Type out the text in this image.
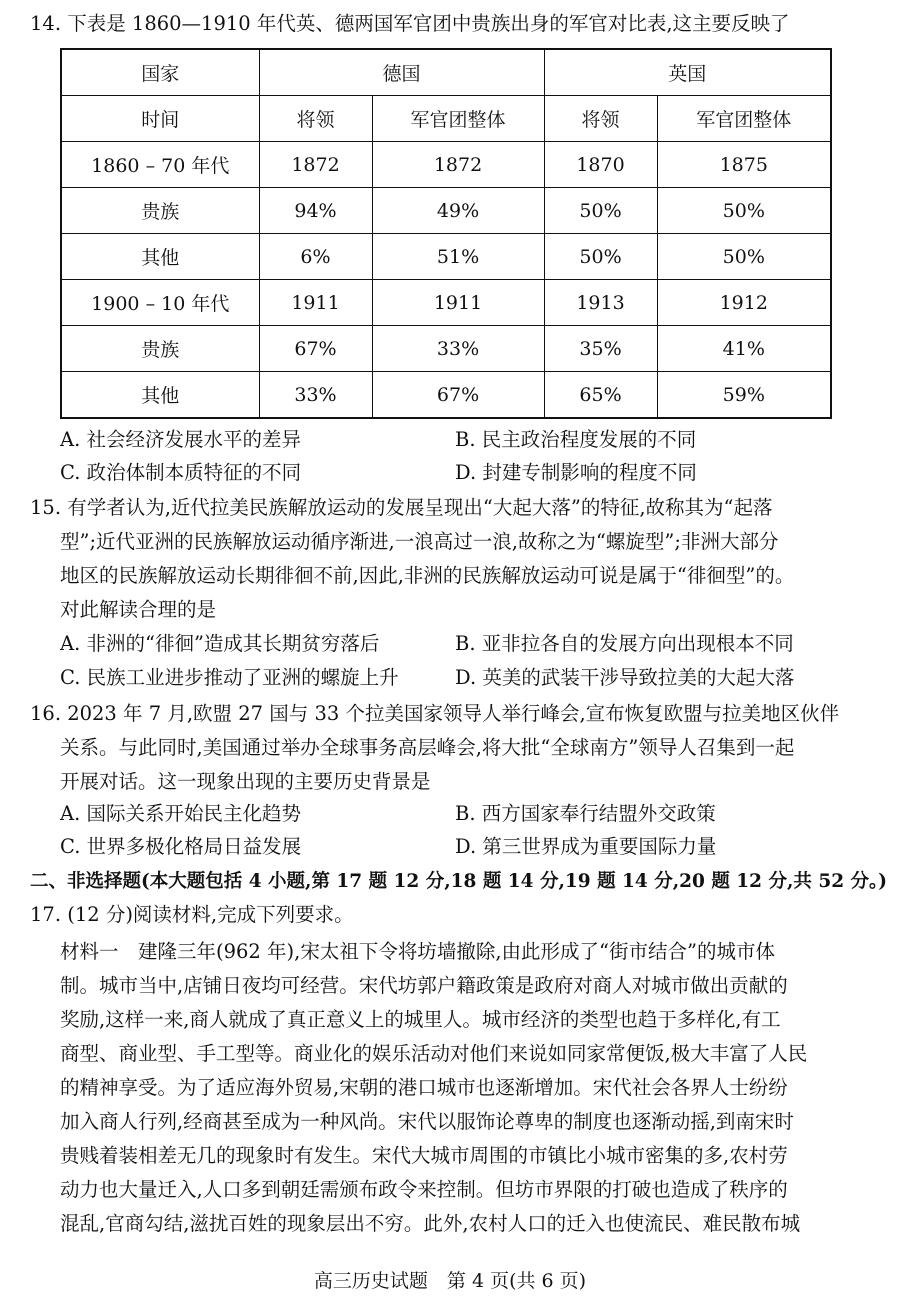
14. 下表是 1860—1910 年代英、德两国军官团中贵族出身的军官对比表,这主要反映了
国家	德国		英国	
时间	将领	军官团整体	将领	军官团整体
1860 – 70 年代	1872	1872	1870	1875
贵族	94%	49%	50%	50%
其他	6%	51%	50%	50%
1900 – 10 年代	1911	1911	1913	1912
贵族	67%	33%	35%	41%
其他	33%	67%	65%	59%
A. 社会经济发展水平的差异	B. 民主政治程度发展的不同
C. 政治体制本质特征的不同	D. 封建专制影响的程度不同
15. 有学者认为,近代拉美民族解放运动的发展呈现出“大起大落”的特征,故称其为“起落
型”;近代亚洲的民族解放运动循序渐进,一浪高过一浪,故称之为“螺旋型”;非洲大部分
地区的民族解放运动长期徘徊不前,因此,非洲的民族解放运动可说是属于“徘徊型”的。
对此解读合理的是
A. 非洲的“徘徊”造成其长期贫穷落后	B. 亚非拉各自的发展方向出现根本不同
C. 民族工业进步推动了亚洲的螺旋上升	D. 英美的武装干涉导致拉美的大起大落
16. 2023 年 7 月,欧盟 27 国与 33 个拉美国家领导人举行峰会,宣布恢复欧盟与拉美地区伙伴
关系。与此同时,美国通过举办全球事务高层峰会,将大批“全球南方”领导人召集到一起
开展对话。这一现象出现的主要历史背景是
A. 国际关系开始民主化趋势	B. 西方国家奉行结盟外交政策
C. 世界多极化格局日益发展	D. 第三世界成为重要国际力量
二、非选择题(本大题包括 4 小题,第 17 题 12 分,18 题 14 分,19 题 14 分,20 题 12 分,共 52 分。)
17. (12 分)阅读材料,完成下列要求。
材料一　建隆三年(962 年),宋太祖下令将坊墙撤除,由此形成了“街市结合”的城市体
制。城市当中,店铺日夜均可经营。宋代坊郭户籍政策是政府对商人对城市做出贡献的
奖励,这样一来,商人就成了真正意义上的城里人。城市经济的类型也趋于多样化,有工
商型、商业型、手工型等。商业化的娱乐活动对他们来说如同家常便饭,极大丰富了人民
的精神享受。为了适应海外贸易,宋朝的港口城市也逐渐增加。宋代社会各界人士纷纷
加入商人行列,经商甚至成为一种风尚。宋代以服饰论尊卑的制度也逐渐动摇,到南宋时
贵贱着装相差无几的现象时有发生。宋代大城市周围的市镇比小城市密集的多,农村劳
动力也大量迁入,人口多到朝廷需颁布政令来控制。但坊市界限的打破也造成了秩序的
混乱,官商勾结,滋扰百姓的现象层出不穷。此外,农村人口的迁入也使流民、难民散布城
高三历史试题　第 4 页(共 6 页)
